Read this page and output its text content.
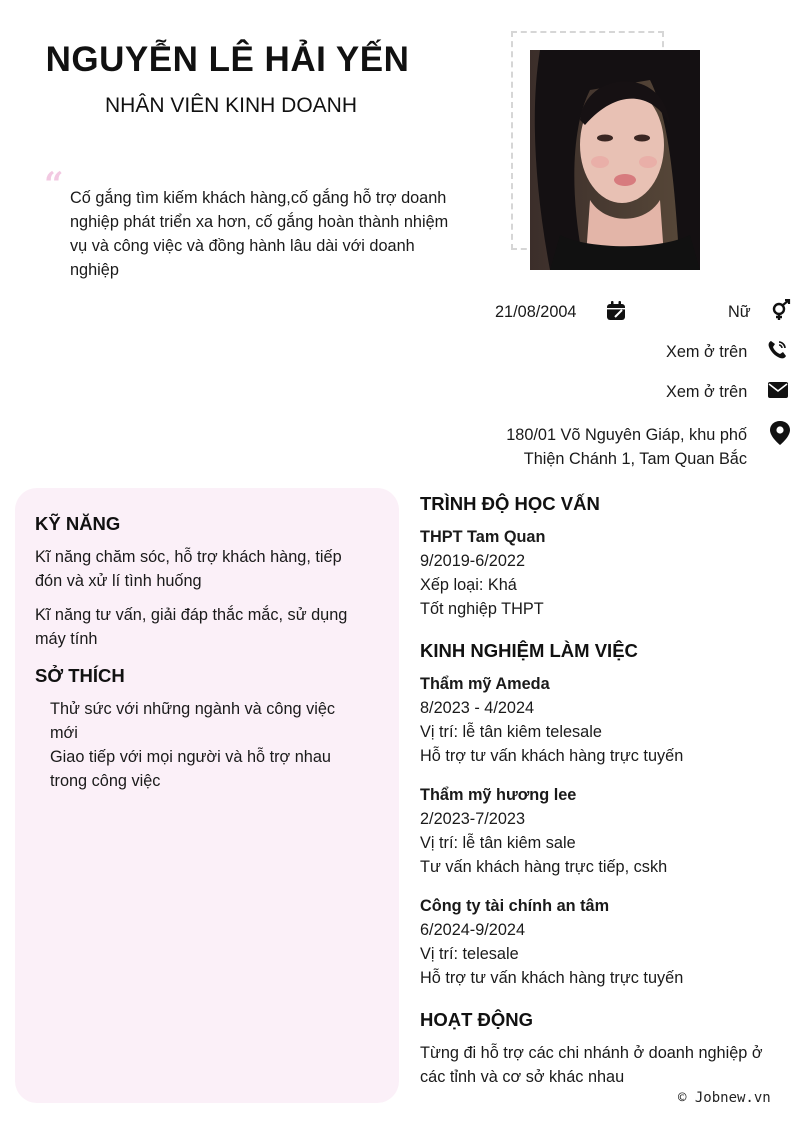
NGUYỄN LÊ HẢI YẾN
NHÂN VIÊN KINH DOANH
“ Cố gắng tìm kiếm khách hàng,cố gắng hỗ trợ doanh nghiệp phát triển xa hơn, cố gắng hoàn thành nhiệm vụ và công việc và đồng hành lâu dài với doanh nghiệp
21/08/2004	Nữ
Xem ở trên
Xem ở trên
180/01 Võ Nguyên Giáp, khu phố
Thiện Chánh 1, Tam Quan Bắc
KỸ NĂNG
Kĩ năng chăm sóc, hỗ trợ khách hàng, tiếp
đón và xử lí tình huống
Kĩ năng tư vấn, giải đáp thắc mắc, sử dụng
máy tính
SỞ THÍCH
Thử sức với những ngành và công việc
mới
Giao tiếp với mọi người và hỗ trợ nhau
trong công việc
TRÌNH ĐỘ HỌC VẤN
THPT Tam Quan
9/2019-6/2022
Xếp loại: Khá
Tốt nghiệp THPT
KINH NGHIỆM LÀM VIỆC
Thẩm mỹ Ameda
8/2023 - 4/2024
Vị trí: lễ tân kiêm telesale
Hỗ trợ tư vấn khách hàng trực tuyến
Thẩm mỹ hương lee
2/2023-7/2023
Vị trí: lễ tân kiêm sale
Tư vấn khách hàng trực tiếp, cskh
Công ty tài chính an tâm
6/2024-9/2024
Vị trí: telesale
Hỗ trợ tư vấn khách hàng trực tuyến
HOẠT ĐỘNG
Từng đi hỗ trợ các chi nhánh ở doanh nghiệp ở
các tỉnh và cơ sở khác nhau
© Jobnew.vn
